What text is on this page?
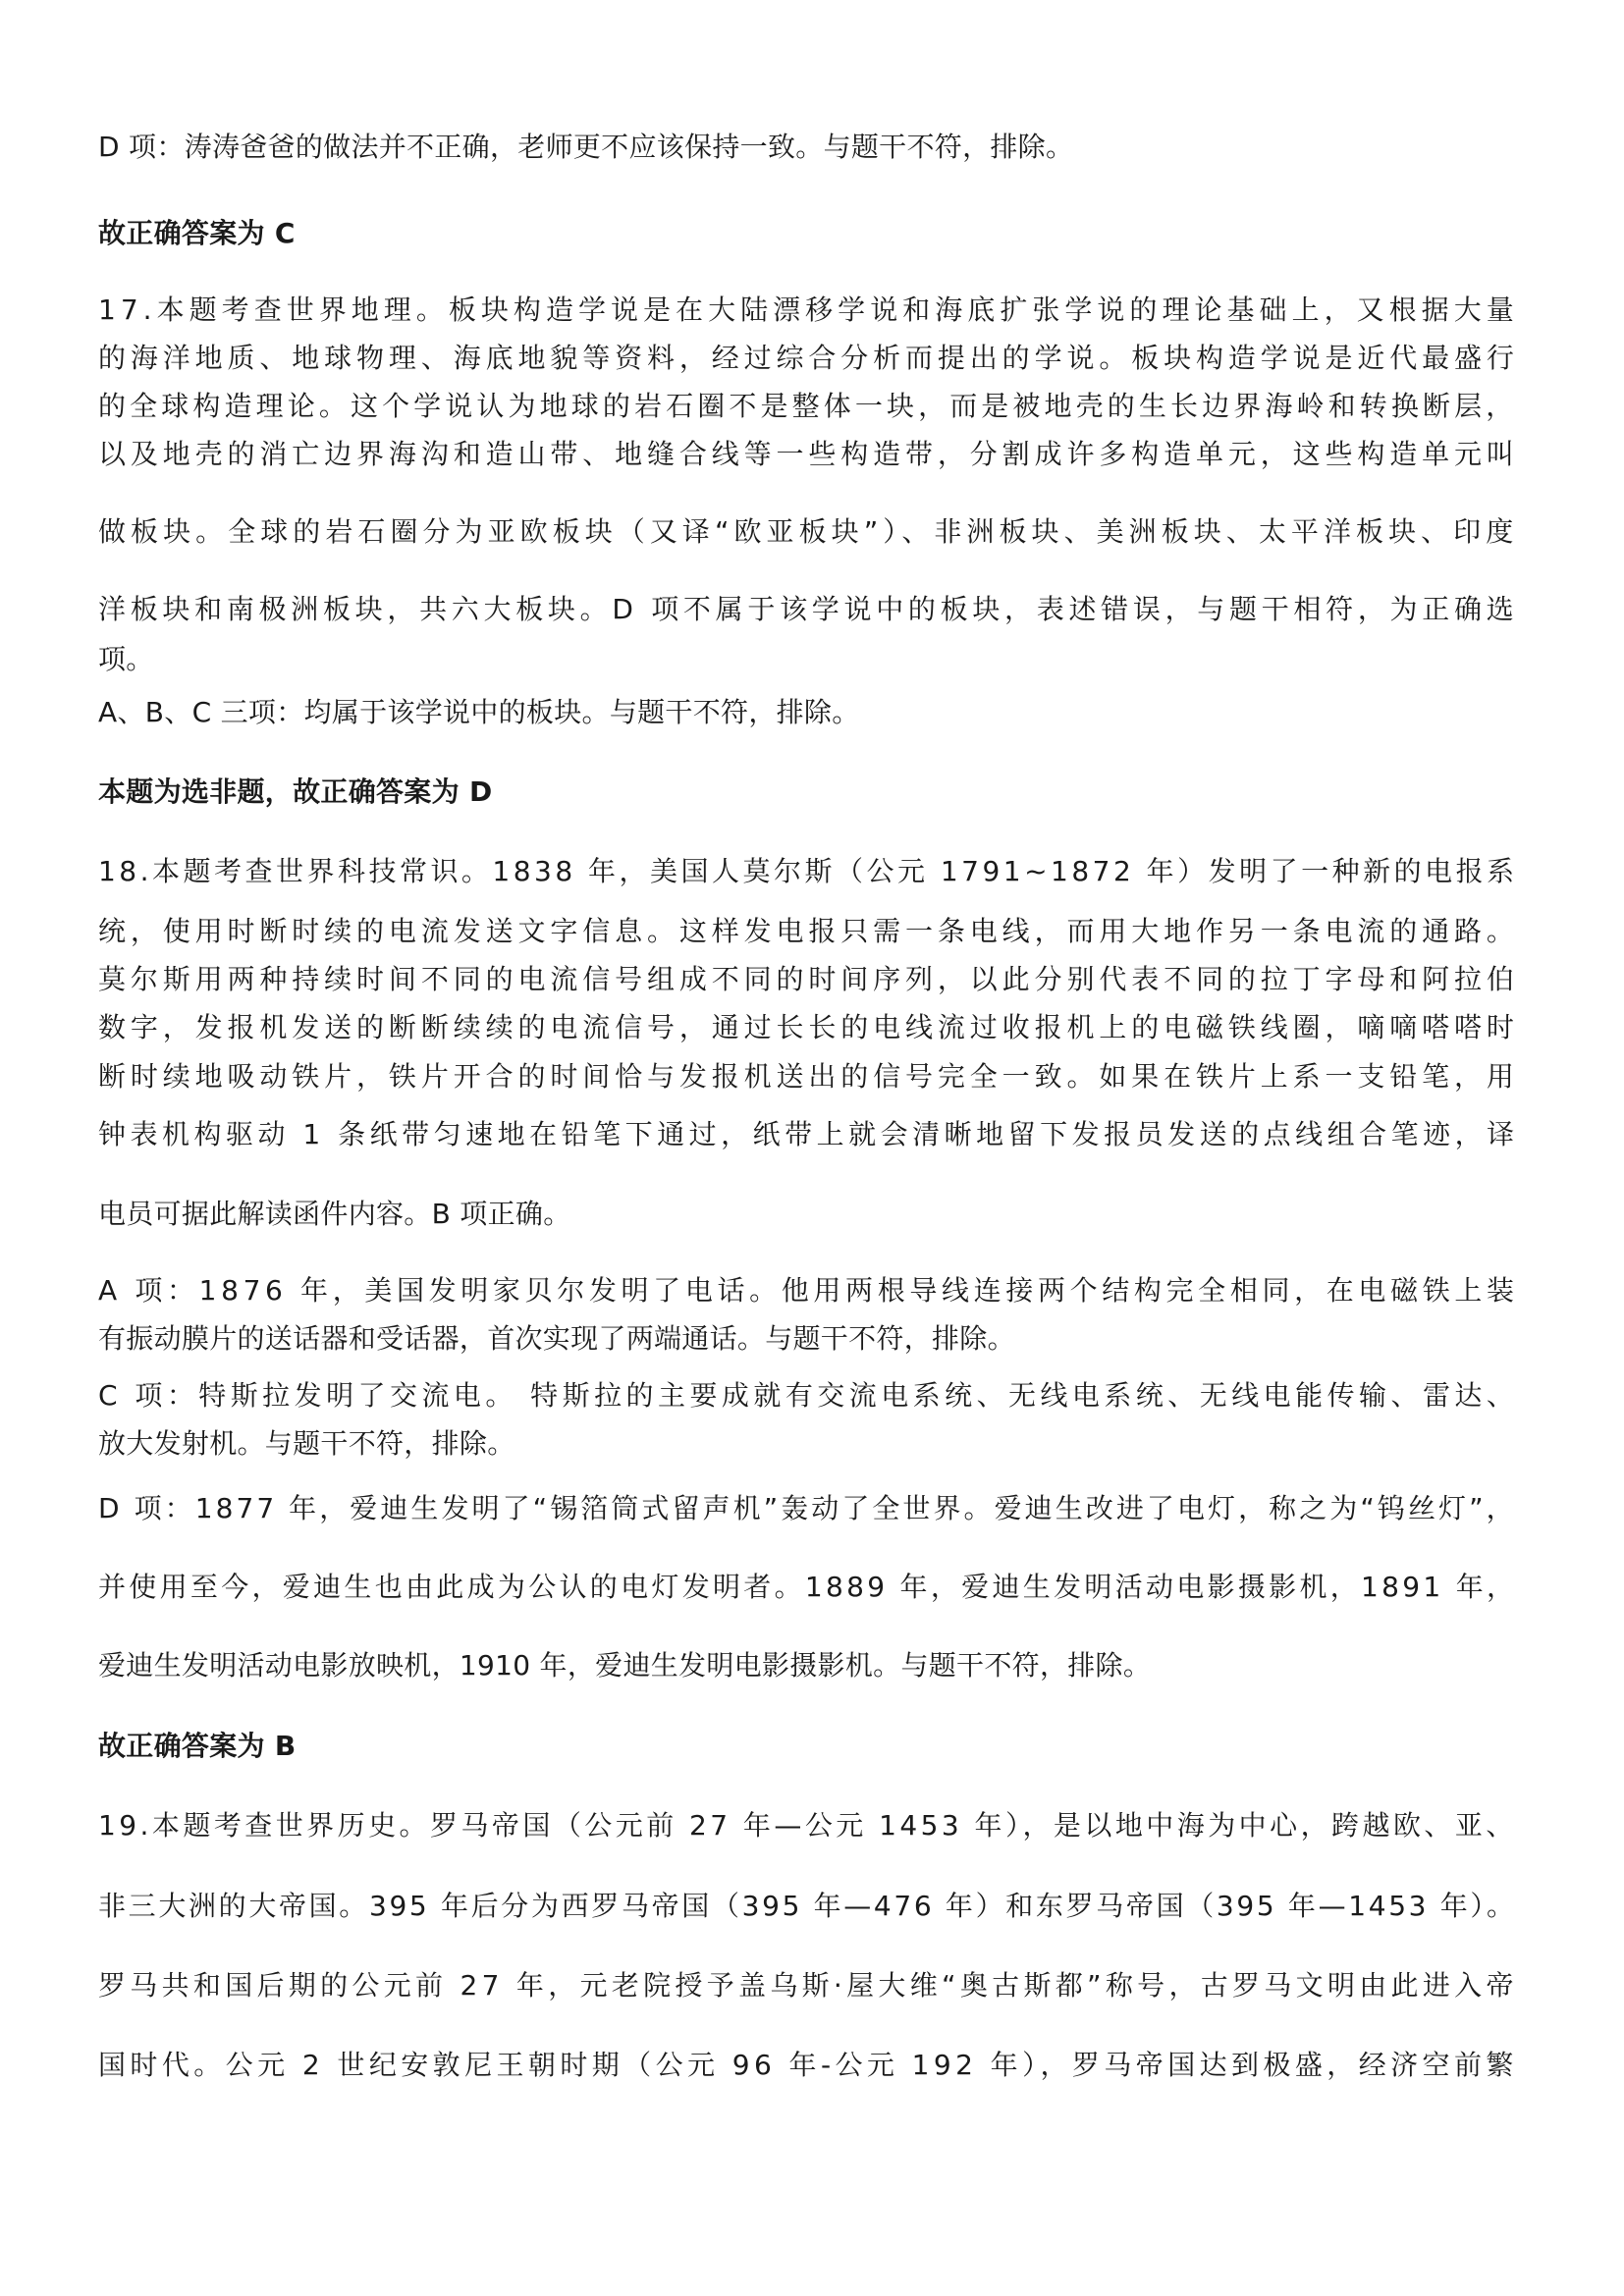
D 项：涛涛爸爸的做法并不正确，老师更不应该保持一致。与题干不符，排除。
故正确答案为 C
17.本题考查世界地理。板块构造学说是在大陆漂移学说和海底扩张学说的理论基础上，又根据大量
的海洋地质、地球物理、海底地貌等资料，经过综合分析而提出的学说。板块构造学说是近代最盛行
的全球构造理论。这个学说认为地球的岩石圈不是整体一块，而是被地壳的生长边界海岭和转换断层，
以及地壳的消亡边界海沟和造山带、地缝合线等一些构造带，分割成许多构造单元，这些构造单元叫
做板块。全球的岩石圈分为亚欧板块（又译“欧亚板块”）、非洲板块、美洲板块、太平洋板块、印度
洋板块和南极洲板块，共六大板块。D 项不属于该学说中的板块，表述错误，与题干相符，为正确选
项。
A、B、C 三项：均属于该学说中的板块。与题干不符，排除。
本题为选非题，故正确答案为 D
18.本题考查世界科技常识。1838 年，美国人莫尔斯（公元 1791~1872 年）发明了一种新的电报系
统，使用时断时续的电流发送文字信息。这样发电报只需一条电线，而用大地作另一条电流的通路。
莫尔斯用两种持续时间不同的电流信号组成不同的时间序列，以此分别代表不同的拉丁字母和阿拉伯
数字，发报机发送的断断续续的电流信号，通过长长的电线流过收报机上的电磁铁线圈，嘀嘀嗒嗒时
断时续地吸动铁片，铁片开合的时间恰与发报机送出的信号完全一致。如果在铁片上系一支铅笔，用
钟表机构驱动 1 条纸带匀速地在铅笔下通过，纸带上就会清晰地留下发报员发送的点线组合笔迹，译
电员可据此解读函件内容。B 项正确。
A 项：1876 年，美国发明家贝尔发明了电话。他用两根导线连接两个结构完全相同，在电磁铁上装
有振动膜片的送话器和受话器，首次实现了两端通话。与题干不符，排除。
C 项：特斯拉发明了交流电。 特斯拉的主要成就有交流电系统、无线电系统、无线电能传输、雷达、
放大发射机。与题干不符，排除。
D 项：1877 年，爱迪生发明了“锡箔筒式留声机”轰动了全世界。爱迪生改进了电灯，称之为“钨丝灯”，
并使用至今，爱迪生也由此成为公认的电灯发明者。1889 年，爱迪生发明活动电影摄影机，1891 年，
爱迪生发明活动电影放映机，1910 年，爱迪生发明电影摄影机。与题干不符，排除。
故正确答案为 B
19.本题考查世界历史。罗马帝国（公元前 27 年—公元 1453 年），是以地中海为中心，跨越欧、亚、
非三大洲的大帝国。395 年后分为西罗马帝国（395 年—476 年）和东罗马帝国（395 年—1453 年）。
罗马共和国后期的公元前 27 年，元老院授予盖乌斯·屋大维“奥古斯都”称号，古罗马文明由此进入帝
国时代。公元 2 世纪安敦尼王朝时期（公元 96 年-公元 192 年），罗马帝国达到极盛，经济空前繁
